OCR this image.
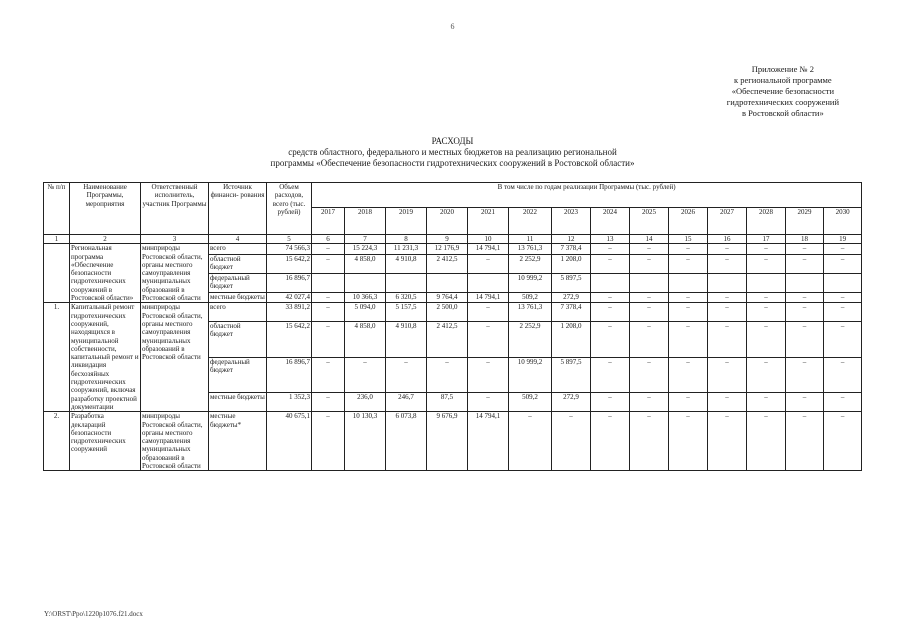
6
Приложение № 2
к региональной программе
«Обеспечение безопасности
гидротехнических сооружений
в Ростовской области»
РАСХОДЫ
средств областного, федерального и местных бюджетов на реализацию региональной
программы «Обеспечение безопасности гидротехнических сооружений в Ростовской области»
№ п/п	Наименование Программы, мероприятия	Ответственный исполнитель, участник Программы	Источник финанси- рования	Объем расходов, всего (тыс. рублей)	В том числе по годам реализации Программы (тыс. рублей)													
					2017	2018	2019	2020	2021	2022	2023	2024	2025	2026	2027	2028	2029	2030
1	2	3	4	5	6	7	8	9	10	11	12	13	14	15	16	17	18	19
	Региональная программа «Обеспечение безопасности гидротехнических сооружений в Ростовской области»	минприроды Ростовской области, органы местного самоуправления муниципальных образований в Ростовской области	всего	74 566,3	–	15 224,3	11 231,3	12 176,9	14 794,1	13 761,3	7 378,4	–	–	–	–	–	–	–
			областной бюджет	15 642,2	–	4 858,0	4 910,8	2 412,5	–	2 252,9	1 208,0	–	–	–	–	–	–	–
			федеральный бюджет	16 896,7						10 999,2	5 897,5							
			местные бюджеты	42 027,4	–	10 366,3	6 320,5	9 764,4	14 794,1	509,2	272,9	–	–	–	–	–	–	–
1.	Капитальный ремонт гидротехнических сооружений, находящихся в муниципальной собственности, капитальный ремонт и ликвидация бесхозяйных гидротехнических сооружений, включая разработку проектной документации	минприроды Ростовской области, органы местного самоуправления муниципальных образований в Ростовской области	всего	33 891,2	–	5 094,0	5 157,5	2 500,0	–	13 761,3	7 378,4	–	–	–	–	–	–	–
			областной бюджет	15 642,2	–	4 858,0	4 910,8	2 412,5	–	2 252,9	1 208,0	–	–	–	–	–	–	–
			федеральный бюджет	16 896,7	–	–	–	–	–	10 999,2	5 897,5	–	–	–	–	–	–	–
			местные бюджеты	1 352,3	–	236,0	246,7	87,5	–	509,2	272,9	–	–	–	–	–	–	–
2.	Разработка деклараций безопасности гидротехнических сооружений	минприроды Ростовской области, органы местного самоуправления муниципальных образований в Ростовской области	местные бюджеты*	40 675,1	–	10 130,3	6 073,8	9 676,9	14 794,1	–	–	–	–	–	–	–	–	–
Y:\ORST\Ppo\1220p1076.f21.docx
